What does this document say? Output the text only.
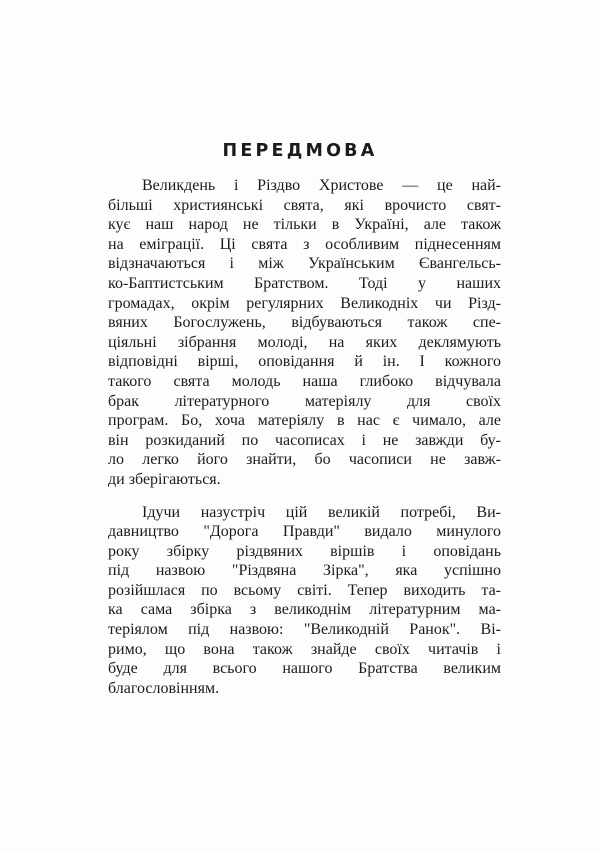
ПЕРЕДМОВА

Великдень і Різдво Христове — це най-
більші християнські свята, які врочисто свят‐
кує наш народ не тільки в Україні, але також
на еміграції. Ці свята з особливим піднесенням
відзначаються і між Українським Євангельсь‐
ко-Баптистським Братством. Тоді у наших
громадах, окрім регулярних Великодніх чи Різд‐
вяних Богослужень, відбуваються також спе‐
ціяльні зібрання молоді, на яких деклямують
відповідні вірші, оповідання й ін. І кожного
такого свята молодь наша глибоко відчувала
брак літературного матеріялу для своїх
програм. Бо, хоча матеріялу в нас є чимало, але
він розкиданий по часописах і не завжди бу‐
ло легко його знайти, бо часописи не завж‐
ди зберігаються.

Ідучи назустріч цій великій потребі, Ви‐
давництво "Дорога Правди" видало минулого
року збірку різдвяних віршів і оповідань
під назвою "Різдвяна Зірка", яка успішно
розійшлася по всьому світі. Тепер виходить та‐
ка сама збірка з великоднім літературним ма‐
теріялом під назвою: "Великодній Ранок". Ві‐
римо, що вона також знайде своїх читачів і
буде для всього нашого Братства великим
благословінням.
